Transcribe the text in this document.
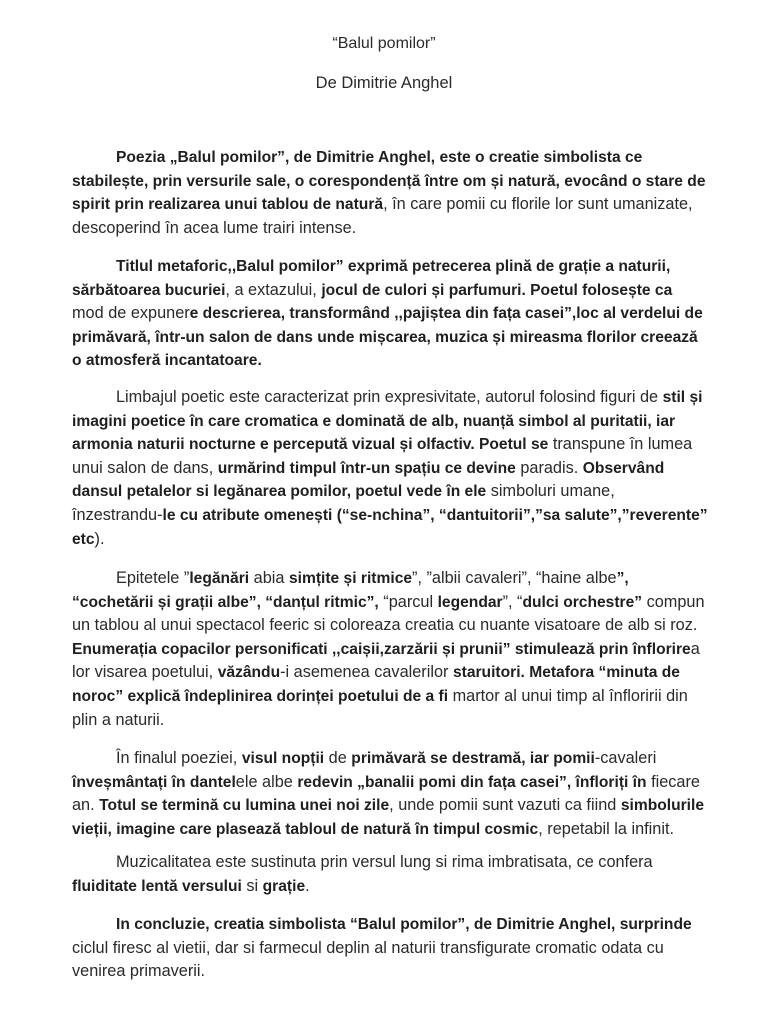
“Balul pomilor”
De Dimitrie Anghel

Poezia „Balul pomilor”, de Dimitrie Anghel, este o creatie simbolista ce stabilește, prin versurile sale, o corespondență între om și natură, evocând o stare de spirit prin realizarea unui tablou de natură, în care pomii cu florile lor sunt umanizate, descoperind în acea lume trairi intense.

Titlul metaforic,,Balul pomilor” exprimă petrecerea plină de grație a naturii, sărbătoarea bucuriei, a extazului, jocul de culori și parfumuri. Poetul folosește ca mod de expunere descrierea, transformând ,,pajiștea din fața casei”,loc al verdelui de primăvară, într-un salon de dans unde mișcarea, muzica și mireasma florilor creează o atmosferă incantatoare.

Limbajul poetic este caracterizat prin expresivitate, autorul folosind figuri de stil și imagini poetice în care cromatica e dominată de alb, nuanță simbol al puritatii, iar armonia naturii nocturne e percepută vizual și olfactiv. Poetul se transpune în lumea unui salon de dans, urmărind timpul într-un spațiu ce devine paradis. Observând dansul petalelor si legănarea pomilor, poetul vede în ele simboluri umane, înzestrandu-le cu atribute omenești (“se-nchina”, “dantuitorii”,”sa salute”,”reverente” etc).

Epitetele ”legănări abia simțite și ritmice”, ”albii cavaleri”, “haine albe”, “cochetării și grații albe”, “danțul ritmic”, “parcul legendar”, “dulci orchestre” compun un tablou al unui spectacol feeric si coloreaza creatia cu nuante visatoare de alb si roz. Enumerația copacilor personificati ,,caișii,zarzării și prunii” stimulează prin înflorirea lor visarea poetului, văzându-i asemenea cavalerilor staruitori. Metafora “minuta de noroc” explică îndeplinirea dorinței poetului de a fi martor al unui timp al înfloririi din plin a naturii.

În finalul poeziei, visul nopții de primăvară se destramă, iar pomii-cavaleri înveșmântați în dantelele albe redevin „banalii pomi din fața casei”, înfloriți în fiecare an. Totul se termină cu lumina unei noi zile, unde pomii sunt vazuti ca fiind simbolurile vieții, imagine care plasează tabloul de natură în timpul cosmic, repetabil la infinit.

Muzicalitatea este sustinuta prin versul lung si rima imbratisata, ce confera fluiditate lentă versului si grație.

In concluzie, creatia simbolista “Balul pomilor”, de Dimitrie Anghel, surprinde ciclul firesc al vietii, dar si farmecul deplin al naturii transfigurate cromatic odata cu venirea primaverii.
